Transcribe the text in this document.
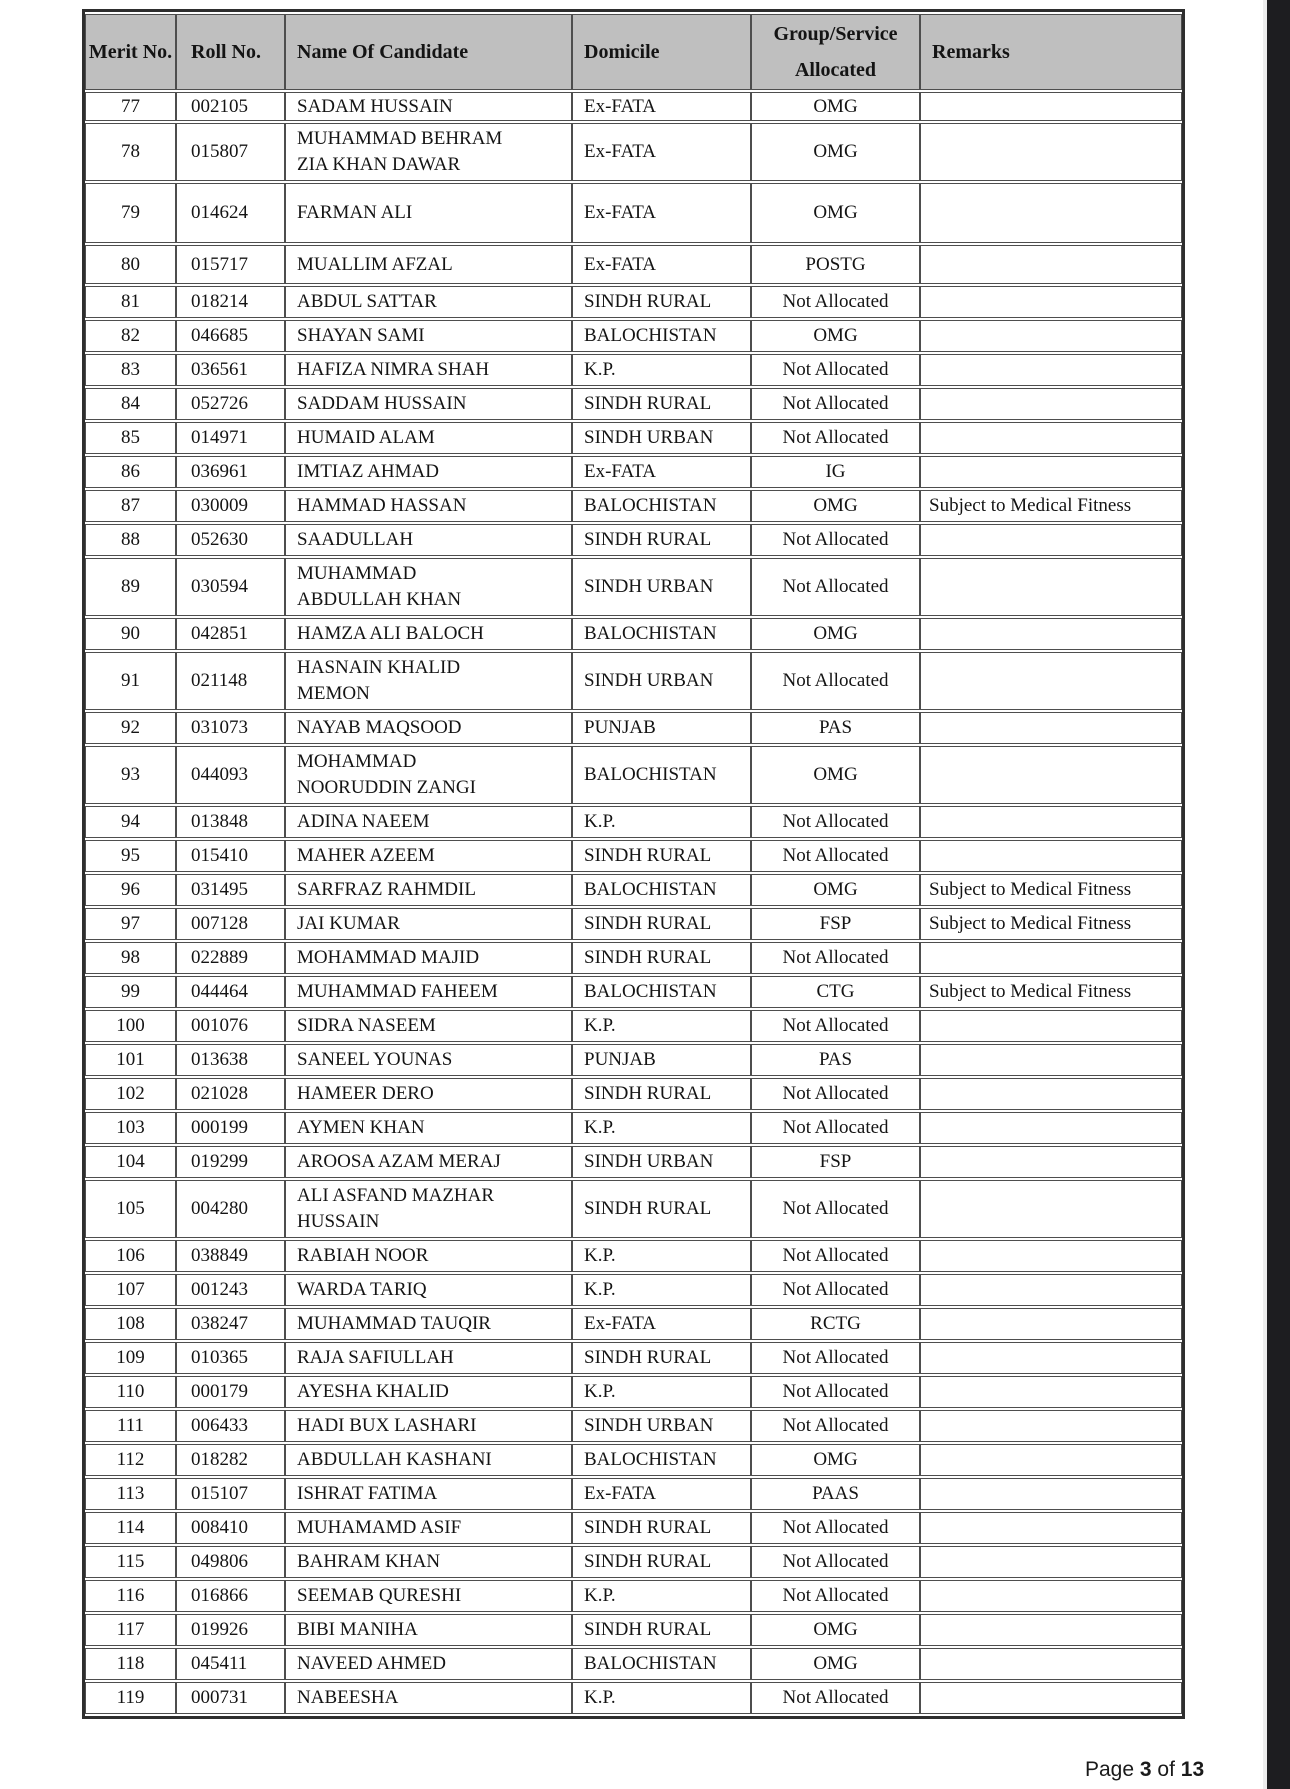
Merit No.	Roll No.	Name Of Candidate	Domicile	Group/Service Allocated	Remarks
77	002105	SADAM HUSSAIN	Ex-FATA	OMG	
78	015807	MUHAMMAD BEHRAM ZIA KHAN DAWAR	Ex-FATA	OMG	
79	014624	FARMAN ALI	Ex-FATA	OMG	
80	015717	MUALLIM AFZAL	Ex-FATA	POSTG	
81	018214	ABDUL SATTAR	SINDH RURAL	Not Allocated	
82	046685	SHAYAN SAMI	BALOCHISTAN	OMG	
83	036561	HAFIZA NIMRA SHAH	K.P.	Not Allocated	
84	052726	SADDAM HUSSAIN	SINDH RURAL	Not Allocated	
85	014971	HUMAID ALAM	SINDH URBAN	Not Allocated	
86	036961	IMTIAZ AHMAD	Ex-FATA	IG	
87	030009	HAMMAD HASSAN	BALOCHISTAN	OMG	Subject to Medical Fitness
88	052630	SAADULLAH	SINDH RURAL	Not Allocated	
89	030594	MUHAMMAD ABDULLAH KHAN	SINDH URBAN	Not Allocated	
90	042851	HAMZA ALI BALOCH	BALOCHISTAN	OMG	
91	021148	HASNAIN KHALID MEMON	SINDH URBAN	Not Allocated	
92	031073	NAYAB MAQSOOD	PUNJAB	PAS	
93	044093	MOHAMMAD NOORUDDIN ZANGI	BALOCHISTAN	OMG	
94	013848	ADINA NAEEM	K.P.	Not Allocated	
95	015410	MAHER AZEEM	SINDH RURAL	Not Allocated	
96	031495	SARFRAZ RAHMDIL	BALOCHISTAN	OMG	Subject to Medical Fitness
97	007128	JAI KUMAR	SINDH RURAL	FSP	Subject to Medical Fitness
98	022889	MOHAMMAD MAJID	SINDH RURAL	Not Allocated	
99	044464	MUHAMMAD FAHEEM	BALOCHISTAN	CTG	Subject to Medical Fitness
100	001076	SIDRA NASEEM	K.P.	Not Allocated	
101	013638	SANEEL YOUNAS	PUNJAB	PAS	
102	021028	HAMEER DERO	SINDH RURAL	Not Allocated	
103	000199	AYMEN KHAN	K.P.	Not Allocated	
104	019299	AROOSA AZAM MERAJ	SINDH URBAN	FSP	
105	004280	ALI ASFAND MAZHAR HUSSAIN	SINDH RURAL	Not Allocated	
106	038849	RABIAH NOOR	K.P.	Not Allocated	
107	001243	WARDA TARIQ	K.P.	Not Allocated	
108	038247	MUHAMMAD TAUQIR	Ex-FATA	RCTG	
109	010365	RAJA SAFIULLAH	SINDH RURAL	Not Allocated	
110	000179	AYESHA KHALID	K.P.	Not Allocated	
111	006433	HADI BUX LASHARI	SINDH URBAN	Not Allocated	
112	018282	ABDULLAH KASHANI	BALOCHISTAN	OMG	
113	015107	ISHRAT FATIMA	Ex-FATA	PAAS	
114	008410	MUHAMAMD ASIF	SINDH RURAL	Not Allocated	
115	049806	BAHRAM KHAN	SINDH RURAL	Not Allocated	
116	016866	SEEMAB QURESHI	K.P.	Not Allocated	
117	019926	BIBI MANIHA	SINDH RURAL	OMG	
118	045411	NAVEED AHMED	BALOCHISTAN	OMG	
119	000731	NABEESHA	K.P.	Not Allocated	
Page 3 of 13
